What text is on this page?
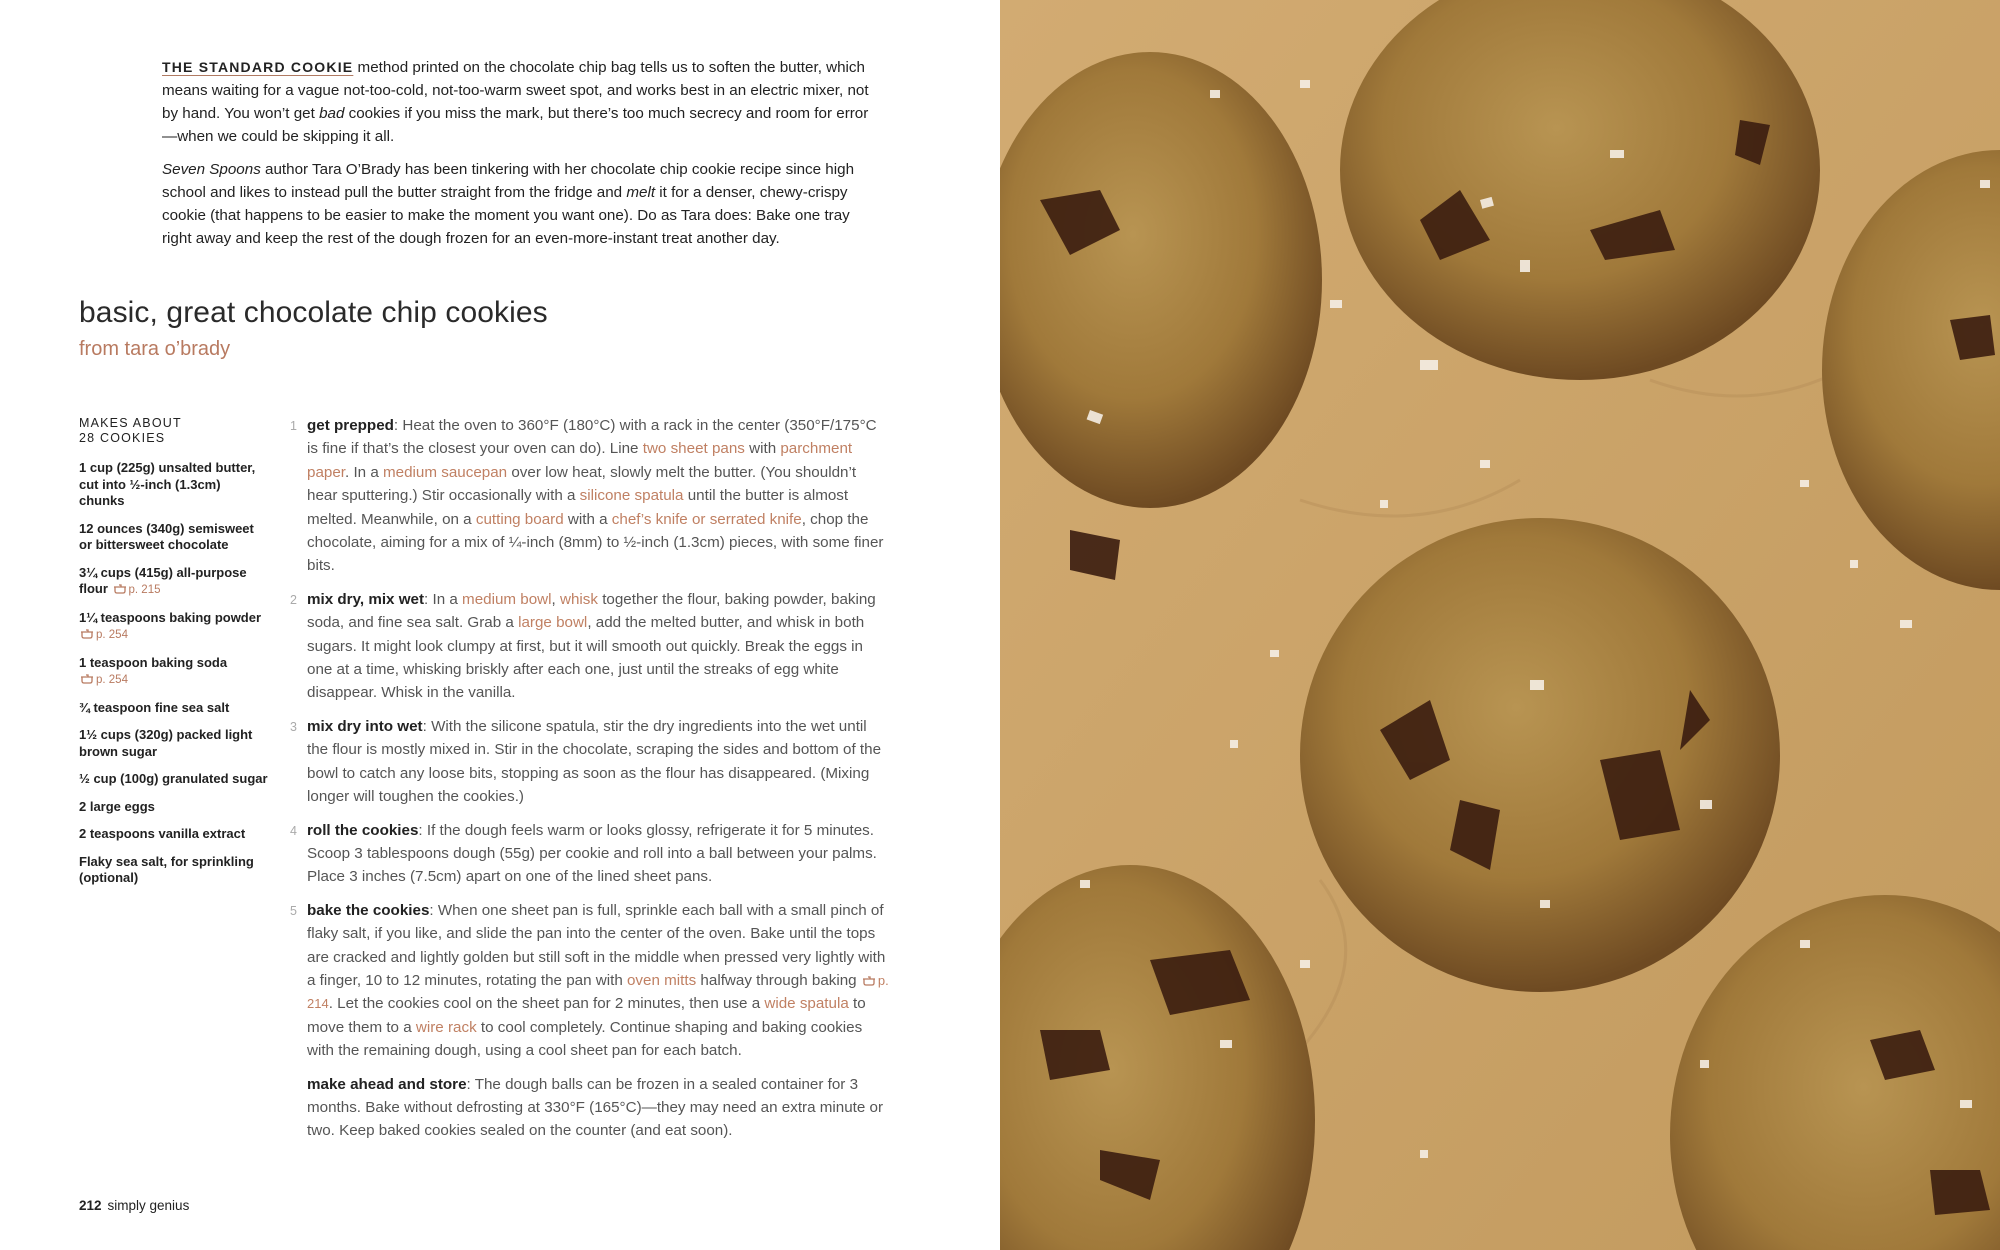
THE STANDARD COOKIE method printed on the chocolate chip bag tells us to soften the butter, which means waiting for a vague not-too-cold, not-too-warm sweet spot, and works best in an electric mixer, not by hand. You won’t get bad cookies if you miss the mark, but there’s too much secrecy and room for error—when we could be skipping it all.

Seven Spoons author Tara O’Brady has been tinkering with her chocolate chip cookie recipe since high school and likes to instead pull the butter straight from the fridge and melt it for a denser, chewy-crispy cookie (that happens to be easier to make the moment you want one). Do as Tara does: Bake one tray right away and keep the rest of the dough frozen for an even-more-instant treat another day.

basic, great chocolate chip cookies
from tara o’brady
MAKES ABOUT
28 COOKIES

1 cup (225g) unsalted butter, cut into ½-inch (1.3cm) chunks

12 ounces (340g) semisweet or bittersweet chocolate

3¼ cups (415g) all-purpose flour p. 215

1¼ teaspoons baking powder p. 254

1 teaspoon baking soda
p. 254

¾ teaspoon fine sea salt

1½ cups (320g) packed light brown sugar

½ cup (100g) granulated sugar

2 large eggs

2 teaspoons vanilla extract

Flaky sea salt, for sprinkling (optional)

1 get prepped: Heat the oven to 360°F (180°C) with a rack in the center (350°F/175°C is fine if that’s the closest your oven can do). Line two sheet pans with parchment paper. In a medium saucepan over low heat, slowly melt the butter. (You shouldn’t hear sputtering.) Stir occasionally with a silicone spatula until the butter is almost melted. Meanwhile, on a cutting board with a chef’s knife or serrated knife, chop the chocolate, aiming for a mix of ¼-inch (8mm) to ½-inch (1.3cm) pieces, with some finer bits.

2 mix dry, mix wet: In a medium bowl, whisk together the flour, baking powder, baking soda, and fine sea salt. Grab a large bowl, add the melted butter, and whisk in both sugars. It might look clumpy at first, but it will smooth out quickly. Break the eggs in one at a time, whisking briskly after each one, just until the streaks of egg white disappear. Whisk in the vanilla.

3 mix dry into wet: With the silicone spatula, stir the dry ingredients into the wet until the flour is mostly mixed in. Stir in the chocolate, scraping the sides and bottom of the bowl to catch any loose bits, stopping as soon as the flour has disappeared. (Mixing longer will toughen the cookies.)

4 roll the cookies: If the dough feels warm or looks glossy, refrigerate it for 5 minutes. Scoop 3 tablespoons dough (55g) per cookie and roll into a ball between your palms. Place 3 inches (7.5cm) apart on one of the lined sheet pans.

5 bake the cookies: When one sheet pan is full, sprinkle each ball with a small pinch of flaky salt, if you like, and slide the pan into the center of the oven. Bake until the tops are cracked and lightly golden but still soft in the middle when pressed very lightly with a finger, 10 to 12 minutes, rotating the pan with oven mitts halfway through baking p. 214. Let the cookies cool on the sheet pan for 2 minutes, then use a wide spatula to move them to a wire rack to cool completely. Continue shaping and baking cookies with the remaining dough, using a cool sheet pan for each batch.

make ahead and store: The dough balls can be frozen in a sealed container for 3 months. Bake without defrosting at 330°F (165°C)—they may need an extra minute or two. Keep baked cookies sealed on the counter (and eat soon).

212 simply genius
